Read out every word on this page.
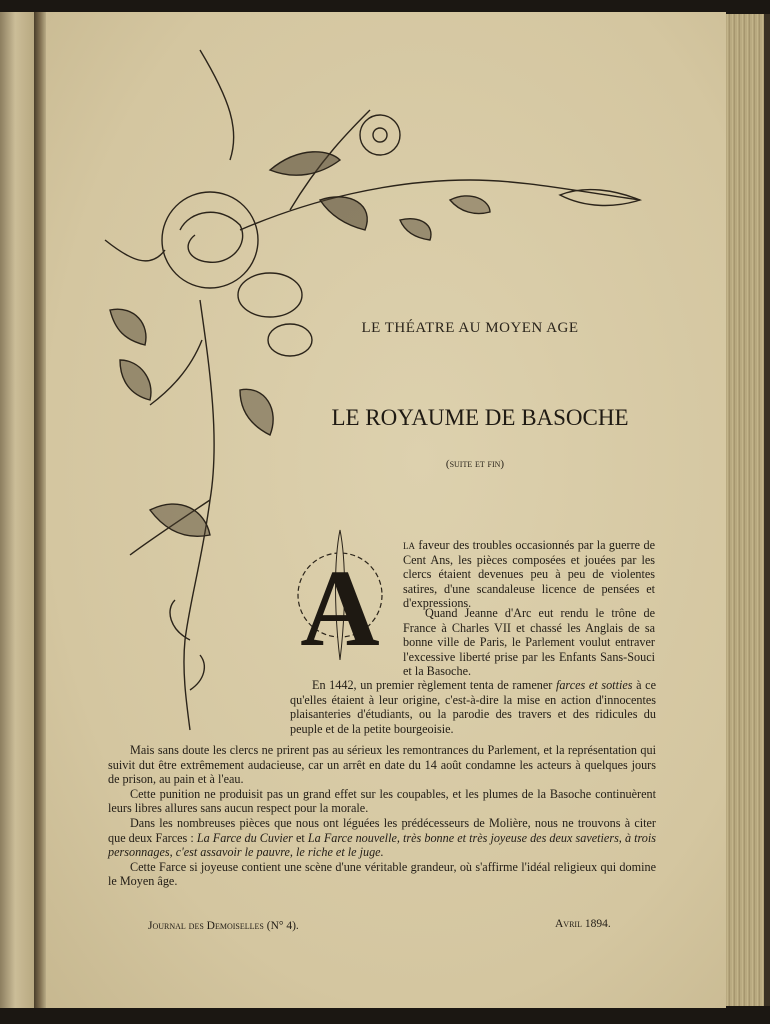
LE THÉATRE AU MOYEN AGE
LE ROYAUME DE BASOCHE
(suite et fin)
A
la faveur des troubles occasionnés par la guerre de Cent Ans, les pièces composées et jouées par les clercs étaient devenues peu à peu de violentes satires, d'une scandaleuse licence de pensées et d'expressions.
Quand Jeanne d'Arc eut rendu le trône de France à Charles VII et chassé les Anglais de sa bonne ville de Paris, le Parlement voulut entraver l'excessive liberté prise par les Enfants Sans-Souci et la Basoche.
En 1442, un premier règlement tenta de ramener farces et sotties à ce qu'elles étaient à leur origine, c'est-à-dire la mise en action d'innocentes plaisanteries d'étudiants, ou la parodie des travers et des ridicules du peuple et de la petite bourgeoisie.

Mais sans doute les clercs ne prirent pas au sérieux les remontrances du Parlement, et la représentation qui suivit dut être extrêmement audacieuse, car un arrêt en date du 14 août condamne les acteurs à quelques jours de prison, au pain et à l'eau.

Cette punition ne produisit pas un grand effet sur les coupables, et les plumes de la Basoche continuèrent leurs libres allures sans aucun respect pour la morale.

Dans les nombreuses pièces que nous ont léguées les prédécesseurs de Molière, nous ne trouvons à citer que deux Farces : La Farce du Cuvier et La Farce nouvelle, très bonne et très joyeuse des deux savetiers, à trois personnages, c'est assavoir le pauvre, le riche et le juge.

Cette Farce si joyeuse contient une scène d'une véritable grandeur, où s'affirme l'idéal religieux qui domine le Moyen âge.

Journal des Demoiselles (N° 4).	Avril 1894.
